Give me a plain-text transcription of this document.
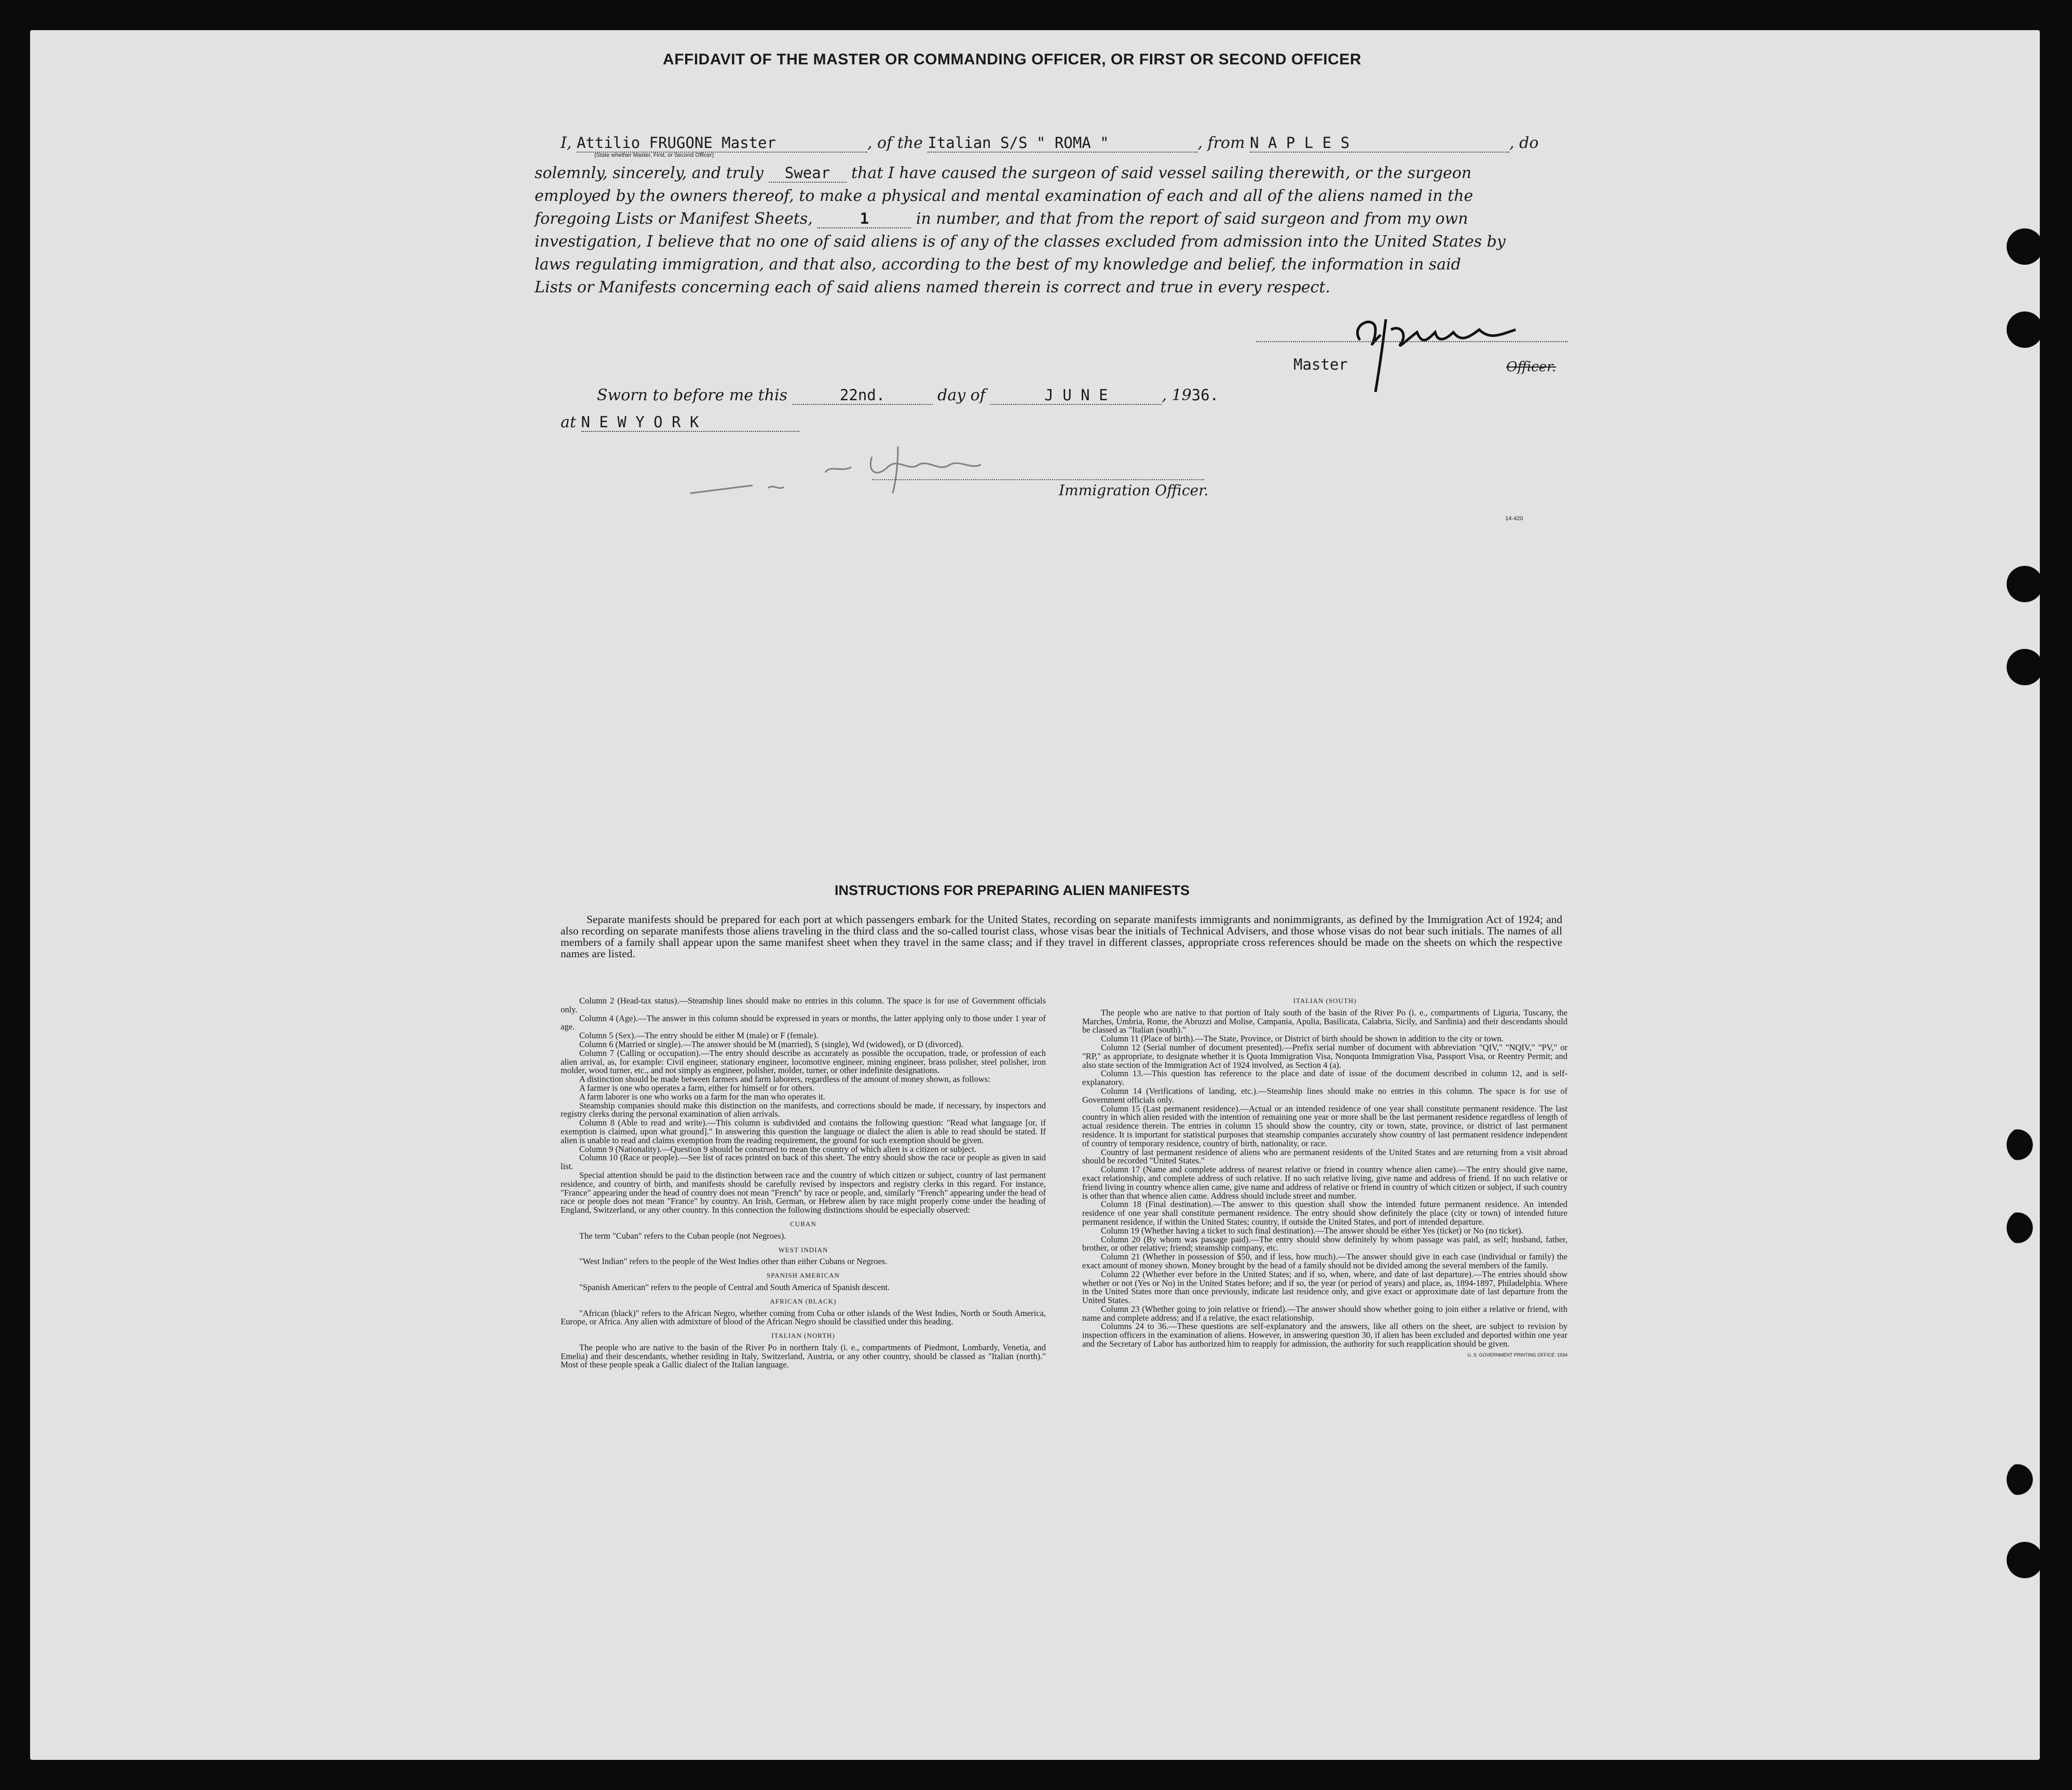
AFFIDAVIT OF THE MASTER OR COMMANDING OFFICER, OR FIRST OR SECOND OFFICER
I, Attilio FRUGONE Master	, of the Italian S/S " ROMA "	, from N A P L E S	, do
(State whether Master, First, or Second Officer)
solemnly, sincerely, and truly Swear that I have caused the surgeon of said vessel sailing therewith, or the surgeon
employed by the owners thereof, to make a physical and mental examination of each and all of the aliens named in the
foregoing Lists or Manifest Sheets,	1	in number, and that from the report of said surgeon and from my own
investigation, I believe that no one of said aliens is of any of the classes excluded from admission into the United States by
laws regulating immigration, and that also, according to the best of my knowledge and belief, the information in said
Lists or Manifests concerning each of said aliens named therein is correct and true in every respect.
Master	Officer.
Sworn to before me this	22nd.	day of	J U N E	, 1936.
at N E W Y O R K
Immigration Officer.
14-420
INSTRUCTIONS FOR PREPARING ALIEN MANIFESTS
Separate manifests should be prepared for each port at which passengers embark for the United States, recording on separate manifests immigrants and nonimmigrants, as defined by the Immigration Act of 1924; and also recording on separate manifests those aliens traveling in the third class and the so-called tourist class, whose visas bear the initials of Technical Advisers, and those whose visas do not bear such initials. The names of all members of a family shall appear upon the same manifest sheet when they travel in the same class; and if they travel in different classes, appropriate cross references should be made on the sheets on which the respective names are listed.

Column 2 (Head-tax status).—Steamship lines should make no entries in this column. The space is for use of Government officials only.

Column 4 (Age).—The answer in this column should be expressed in years or months, the latter applying only to those under 1 year of age.

Column 5 (Sex).—The entry should be either M (male) or F (female).

Column 6 (Married or single).—The answer should be M (married), S (single), Wd (widowed), or D (divorced).

Column 7 (Calling or occupation).—The entry should describe as accurately as possible the occupation, trade, or profession of each alien arrival, as, for example: Civil engineer, stationary engineer, locomotive engineer, mining engineer, brass polisher, steel polisher, iron molder, wood turner, etc., and not simply as engineer, polisher, molder, turner, or other indefinite designations.

A distinction should be made between farmers and farm laborers, regardless of the amount of money shown, as follows:

A farmer is one who operates a farm, either for himself or for others.

A farm laborer is one who works on a farm for the man who operates it.

Steamship companies should make this distinction on the manifests, and corrections should be made, if necessary, by inspectors and registry clerks during the personal examination of alien arrivals.

Column 8 (Able to read and write).—This column is subdivided and contains the following question: "Read what language [or, if exemption is claimed, upon what ground]." In answering this question the language or dialect the alien is able to read should be stated. If alien is unable to read and claims exemption from the reading requirement, the ground for such exemption should be given.

Column 9 (Nationality).—Question 9 should be construed to mean the country of which alien is a citizen or subject.

Column 10 (Race or people).—See list of races printed on back of this sheet. The entry should show the race or people as given in said list.

Special attention should be paid to the distinction between race and the country of which citizen or subject, country of last permanent residence, and country of birth, and manifests should be carefully revised by inspectors and registry clerks in this regard. For instance, "France" appearing under the head of country does not mean "French" by race or people, and, similarly "French" appearing under the head of race or people does not mean "France" by country. An Irish, German, or Hebrew alien by race might properly come under the heading of England, Switzerland, or any other country. In this connection the following distinctions should be especially observed:

CUBAN

The term "Cuban" refers to the Cuban people (not Negroes).

WEST INDIAN

"West Indian" refers to the people of the West Indies other than either Cubans or Negroes.

SPANISH AMERICAN

"Spanish American" refers to the people of Central and South America of Spanish descent.

AFRICAN (BLACK)

"African (black)" refers to the African Negro, whether coming from Cuba or other islands of the West Indies, North or South America, Europe, or Africa. Any alien with admixture of blood of the African Negro should be classified under this heading.

ITALIAN (NORTH)

The people who are native to the basin of the River Po in northern Italy (i. e., compartments of Piedmont, Lombardy, Venetia, and Emelia) and their descendants, whether residing in Italy, Switzerland, Austria, or any other country, should be classed as "Italian (north)." Most of these people speak a Gallic dialect of the Italian language.

ITALIAN (SOUTH)

The people who are native to that portion of Italy south of the basin of the River Po (i. e., compartments of Liguria, Tuscany, the Marches, Umbria, Rome, the Abruzzi and Molise, Campania, Apulia, Basilicata, Calabria, Sicily, and Sardinia) and their descendants should be classed as "Italian (south)."

Column 11 (Place of birth).—The State, Province, or District of birth should be shown in addition to the city or town.

Column 12 (Serial number of document presented).—Prefix serial number of document with abbreviation "QIV," "NQIV," "PV," or "RP," as appropriate, to designate whether it is Quota Immigration Visa, Nonquota Immigration Visa, Passport Visa, or Reentry Permit; and also state section of the Immigration Act of 1924 involved, as Section 4 (a).

Column 13.—This question has reference to the place and date of issue of the document described in column 12, and is self-explanatory.

Column 14 (Verifications of landing, etc.).—Steamship lines should make no entries in this column. The space is for use of Government officials only.

Column 15 (Last permanent residence).—Actual or an intended residence of one year shall constitute permanent residence. The last country in which alien resided with the intention of remaining one year or more shall be the last permanent residence regardless of length of actual residence therein. The entries in column 15 should show the country, city or town, state, province, or district of last permanent residence. It is important for statistical purposes that steamship companies accurately show country of last permanent residence independent of country of temporary residence, country of birth, nationality, or race.

Country of last permanent residence of aliens who are permanent residents of the United States and are returning from a visit abroad should be recorded "United States."

Column 17 (Name and complete address of nearest relative or friend in country whence alien came).—The entry should give name, exact relationship, and complete address of such relative. If no such relative living, give name and address of friend. If no such relative or friend living in country whence alien came, give name and address of relative or friend in country of which citizen or subject, if such country is other than that whence alien came. Address should include street and number.

Column 18 (Final destination).—The answer to this question shall show the intended future permanent residence. An intended residence of one year shall constitute permanent residence. The entry should show definitely the place (city or town) of intended future permanent residence, if within the United States; country, if outside the United States, and port of intended departure.

Column 19 (Whether having a ticket to such final destination).—The answer should be either Yes (ticket) or No (no ticket).

Column 20 (By whom was passage paid).—The entry should show definitely by whom passage was paid, as self; husband, father, brother, or other relative; friend; steamship company, etc.

Column 21 (Whether in possession of $50, and if less, how much).—The answer should give in each case (individual or family) the exact amount of money shown. Money brought by the head of a family should not be divided among the several members of the family.

Column 22 (Whether ever before in the United States; and if so, when, where, and date of last departure).—The entries should show whether or not (Yes or No) in the United States before; and if so, the year (or period of years) and place, as, 1894-1897, Philadelphia. Where in the United States more than once previously, indicate last residence only, and give exact or approximate date of last departure from the United States.

Column 23 (Whether going to join relative or friend).—The answer should show whether going to join either a relative or friend, with name and complete address; and if a relative, the exact relationship.

Columns 24 to 36.—These questions are self-explanatory and the answers, like all others on the sheet, are subject to revision by inspection officers in the examination of aliens. However, in answering question 30, if alien has been excluded and deported within one year and the Secretary of Labor has authorized him to reapply for admission, the authority for such reapplication should be given.

U. S. GOVERNMENT PRINTING OFFICE: 1934
